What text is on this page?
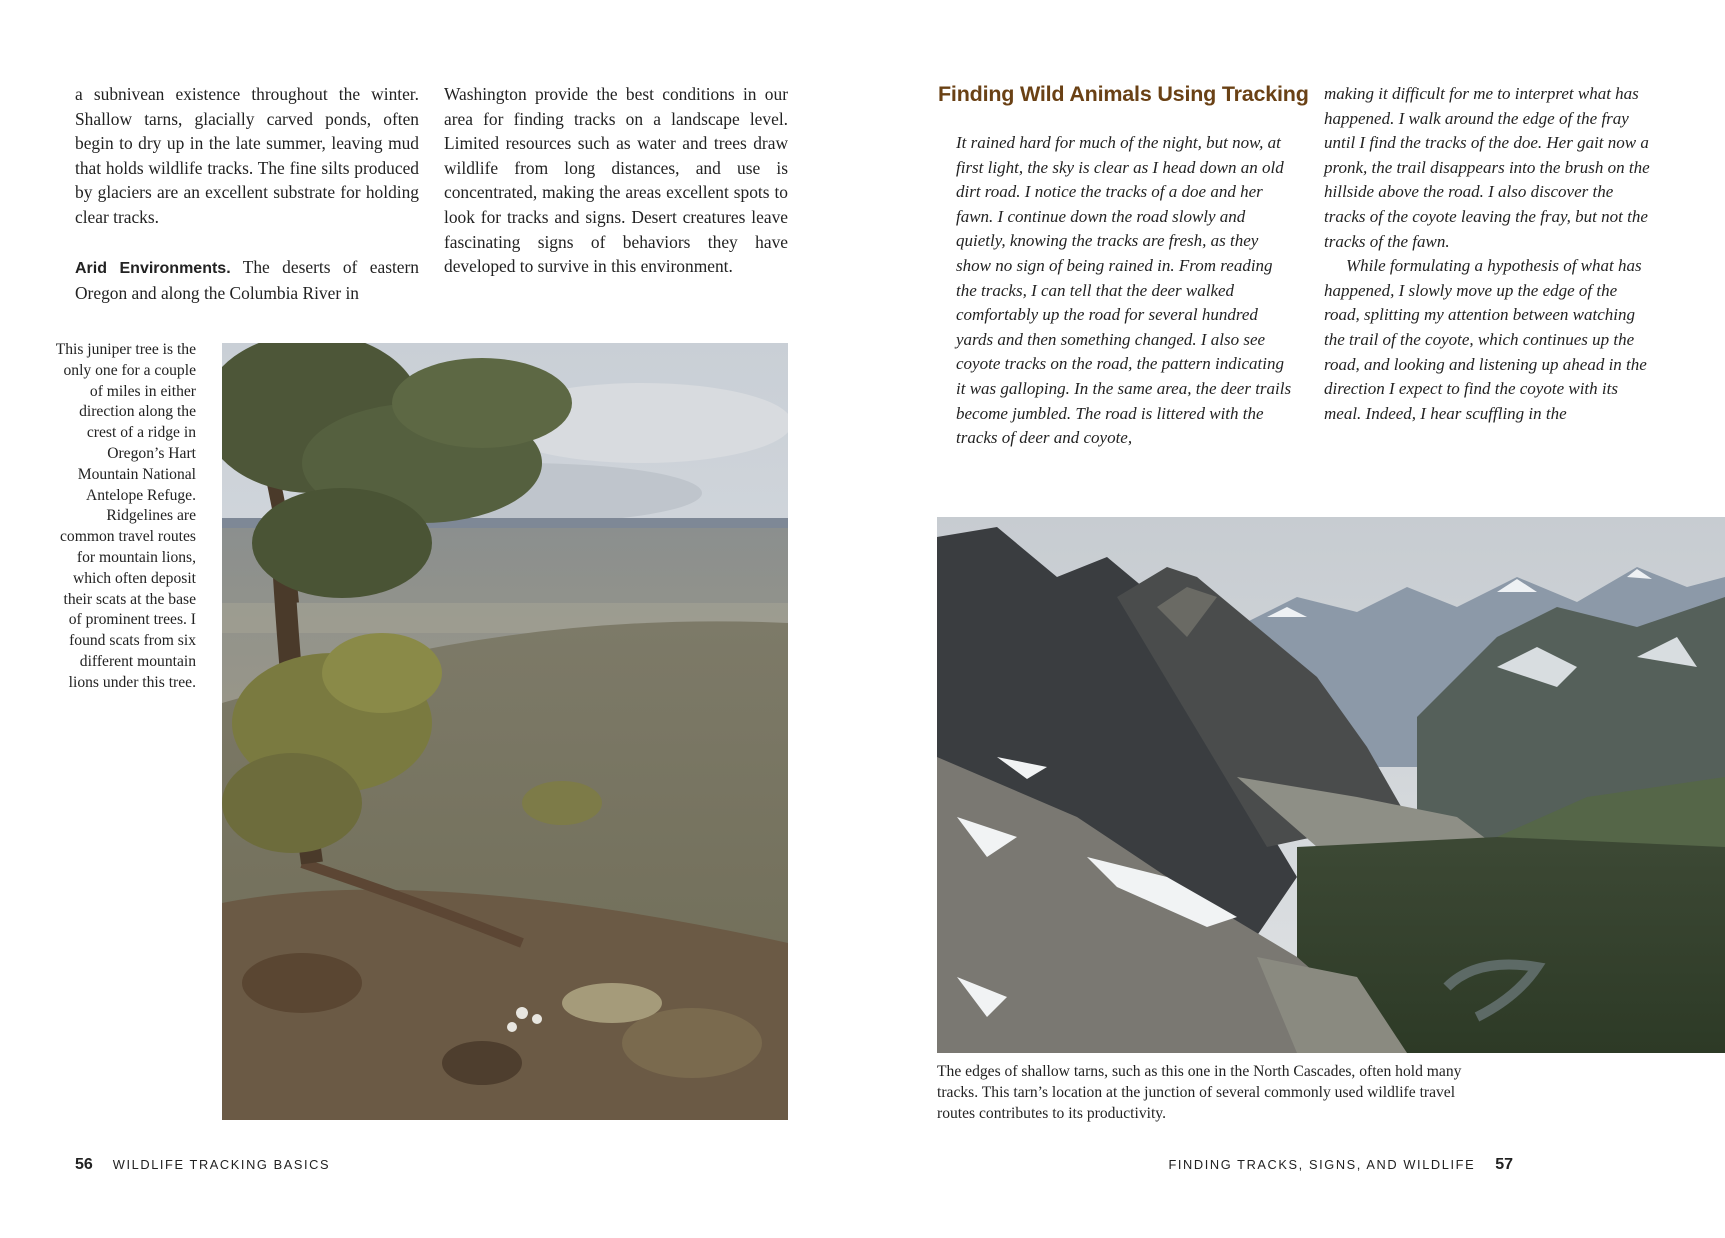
a subnivean existence throughout the winter. Shallow tarns, glacially carved ponds, often begin to dry up in the late summer, leaving mud that holds wildlife tracks. The fine silts produced by glaciers are an excellent substrate for holding clear tracks.

Arid Environments. The deserts of eastern Oregon and along the Columbia River in

Washington provide the best conditions in our area for finding tracks on a landscape level. Limited resources such as water and trees draw wildlife from long distances, and use is concentrated, making the areas excellent spots to look for tracks and signs. Desert creatures leave fascinating signs of behaviors they have developed to survive in this environment.

This juniper tree is the only one for a couple of miles in either direction along the crest of a ridge in Oregon’s Hart Mountain National Antelope Refuge. Ridgelines are common travel routes for mountain lions, which often deposit their scats at the base of prominent trees. I found scats from six different mountain lions under this tree.
56 WILDLIFE TRACKING BASICS
Finding Wild Animals Using Tracking

It rained hard for much of the night, but now, at first light, the sky is clear as I head down an old dirt road. I notice the tracks of a doe and her fawn. I continue down the road slowly and quietly, knowing the tracks are fresh, as they show no sign of being rained in. From reading the tracks, I can tell that the deer walked comfortably up the road for several hundred yards and then something changed. I also see coyote tracks on the road, the pattern indicating it was galloping. In the same area, the deer trails become jumbled. The road is littered with the tracks of deer and coyote,

making it difficult for me to interpret what has happened. I walk around the edge of the fray until I find the tracks of the doe. Her gait now a pronk, the trail disappears into the brush on the hillside above the road. I also discover the tracks of the coyote leaving the fray, but not the tracks of the fawn.

While formulating a hypothesis of what has happened, I slowly move up the edge of the road, splitting my attention between watching the trail of the coyote, which continues up the road, and looking and listening up ahead in the direction I expect to find the coyote with its meal. Indeed, I hear scuffling in the

The edges of shallow tarns, such as this one in the North Cascades, often hold many tracks. This tarn’s location at the junction of several commonly used wildlife travel routes contributes to its productivity.
FINDING TRACKS, SIGNS, AND WILDLIFE 57
